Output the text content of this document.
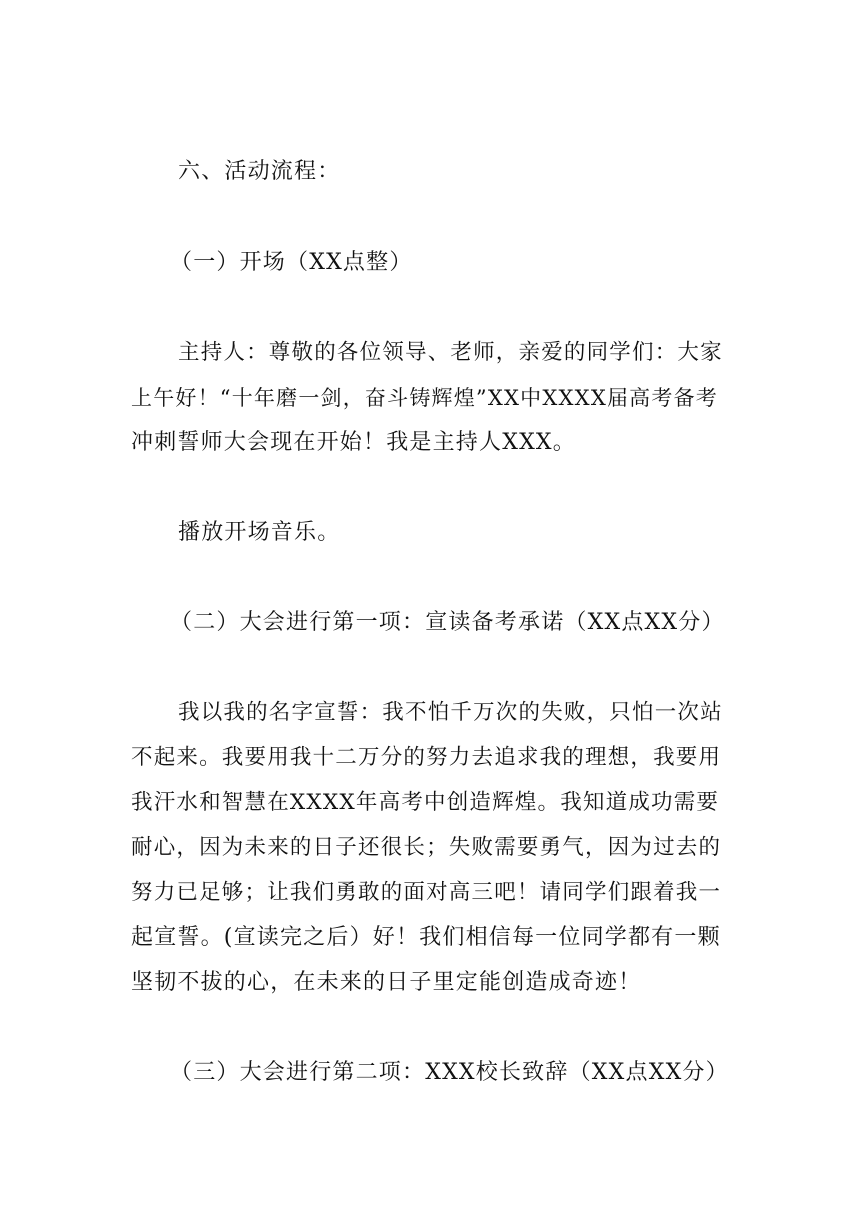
六、活动流程：
（一）开场（XX点整）
主持人：尊敬的各位领导、老师，亲爱的同学们：大家
上午好！“十年磨一剑，奋斗铸辉煌”XX中XXXX届高考备考
冲刺誓师大会现在开始！我是主持人XXX。
播放开场音乐。
（二）大会进行第一项：宣读备考承诺（XX点XX分）
我以我的名字宣誓：我不怕千万次的失败，只怕一次站
不起来。我要用我十二万分的努力去追求我的理想，我要用
我汗水和智慧在XXXX年高考中创造辉煌。我知道成功需要
耐心，因为未来的日子还很长；失败需要勇气，因为过去的
努力已足够；让我们勇敢的面对高三吧！请同学们跟着我一
起宣誓。(宣读完之后）好！我们相信每一位同学都有一颗
坚韧不拔的心，在未来的日子里定能创造成奇迹！
（三）大会进行第二项：XXX校长致辞（XX点XX分）
